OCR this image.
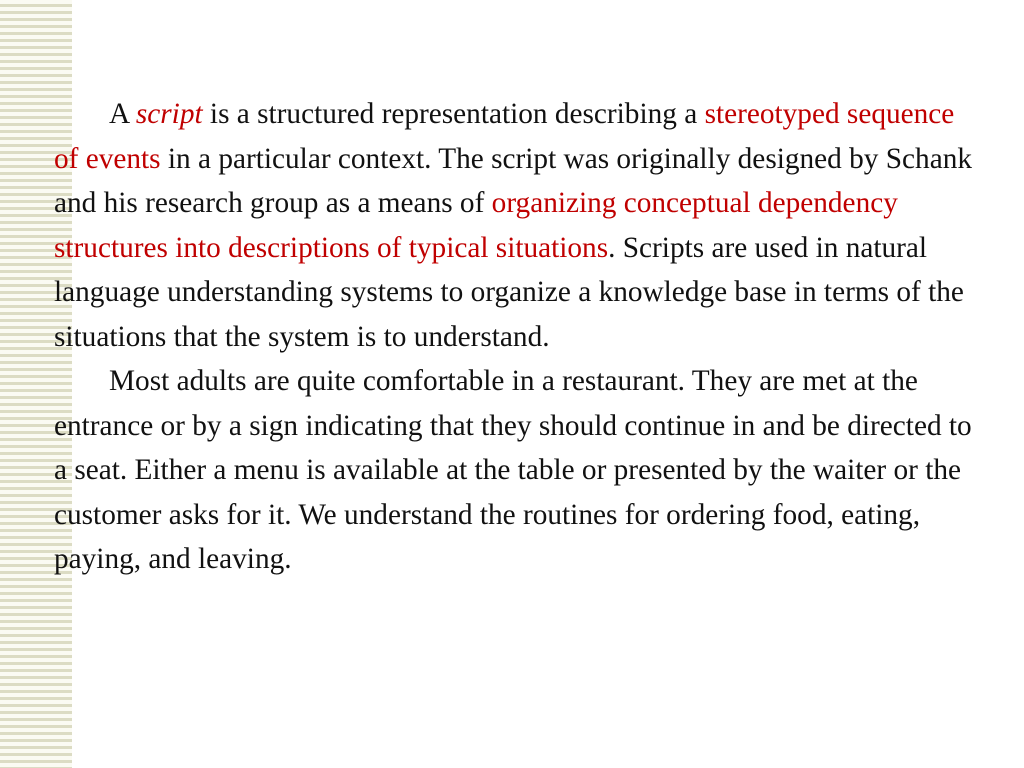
A script is a structured representation describing a stereotyped sequence of events in a particular context. The script was originally designed by Schank and his research group as a means of organizing conceptual dependency structures into descriptions of typical situations. Scripts are used in natural language understanding systems to organize a knowledge base in terms of the situations that the system is to understand.

Most adults are quite comfortable in a restaurant. They are met at the entrance or by a sign indicating that they should continue in and be directed to a seat. Either a menu is available at the table or presented by the waiter or the customer asks for it. We understand the routines for ordering food, eating, paying, and leaving.
